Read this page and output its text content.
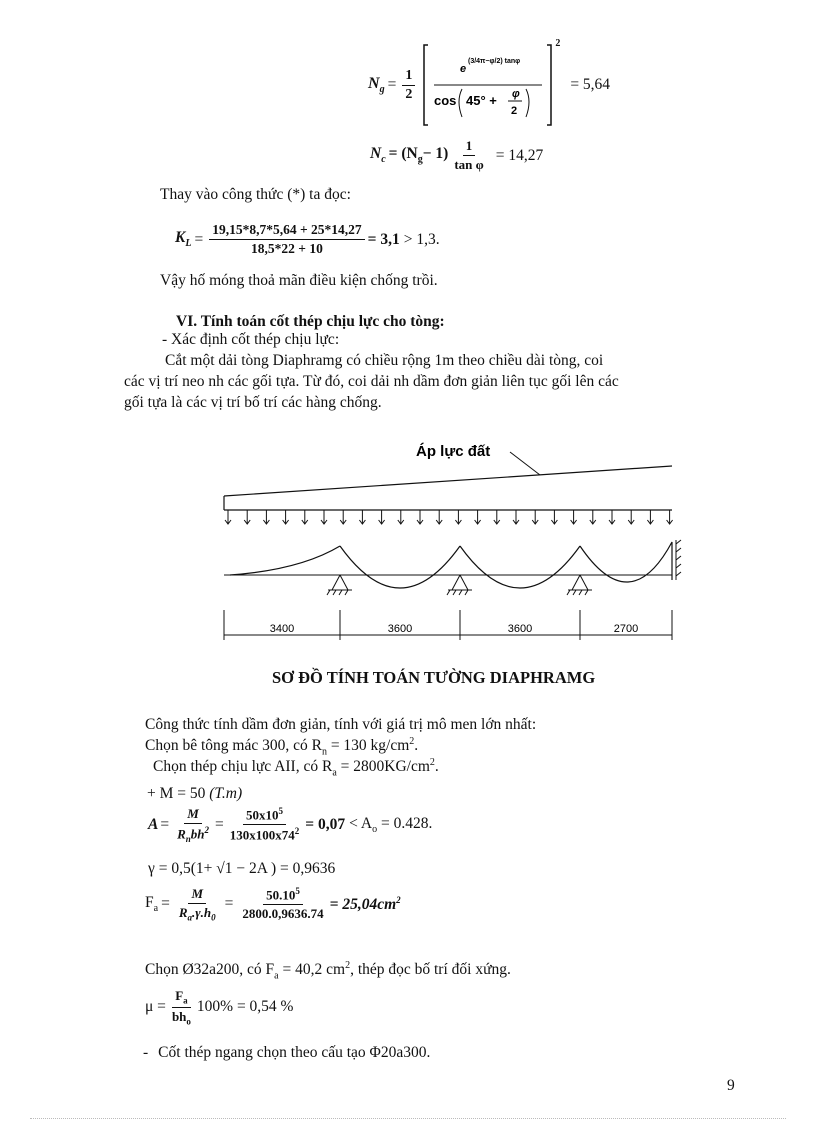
$N_g = \frac{1}{2}$	e
(3/4π−φ/2) tanφ
cos 45° + φ
2
2
= 5,64
$N_c = (N_g- 1) \frac{1}{\text{tan φ}} = 14,27$
Thay vào công thức (*) ta đọc:
$K_L = \frac{19,15*8,7*5,64 + 25*14,27}{18,5*22 + 10} = 3,1 > 1,3$.
Vậy hố móng thoả mãn điều kiện chống trồi.
VI. Tính toán cốt thép chịu lực cho tòng:
- Xác định cốt thép chịu lực:
Cắt một dải tòng Diaphramg có chiều rộng 1m theo chiều dài tòng, coi
các vị trí neo nh các gối tựa. Từ đó, coi dải nh dầm đơn giản liên tục gối lên các
gối tựa là các vị trí bố trí các hàng chống.
Áp lực đất
3400	3600	3600	2700
SƠ ĐỒ TÍNH TOÁN TƯỜNG DIAPHRAMG
Công thức tính dầm đơn giản, tính với giá trị mô men lớn nhất:
Chọn bê tông mác 300, có $R_n = 130$ $kg/cm^2$.
Chọn thép chịu lực AII, có $R_a = 2800KG/cm^2$.
+ M = 50 (T.m)
$A = \frac{M}{R_nbh^2} = \frac{50x10^5}{130x100x74^2} = 0,07 < A_o = 0.428$.
γ = 0,5(1+ √1 − 2A ) = 0,9636
$F_a = \frac{M}{R_a.\gamma.h_0} = \frac{50.10^5}{2800.0,9636.74} = 25,04cm^2$
Chọn Ø32a200, có $F_a = 40,2$ $cm^2$, thép đọc bố trí đối xứng.
$\mu = \frac{F_a}{bh_o} 100\% = 0,54$ %
- Cốt thép ngang chọn theo cấu tạo Φ20a300.
9
